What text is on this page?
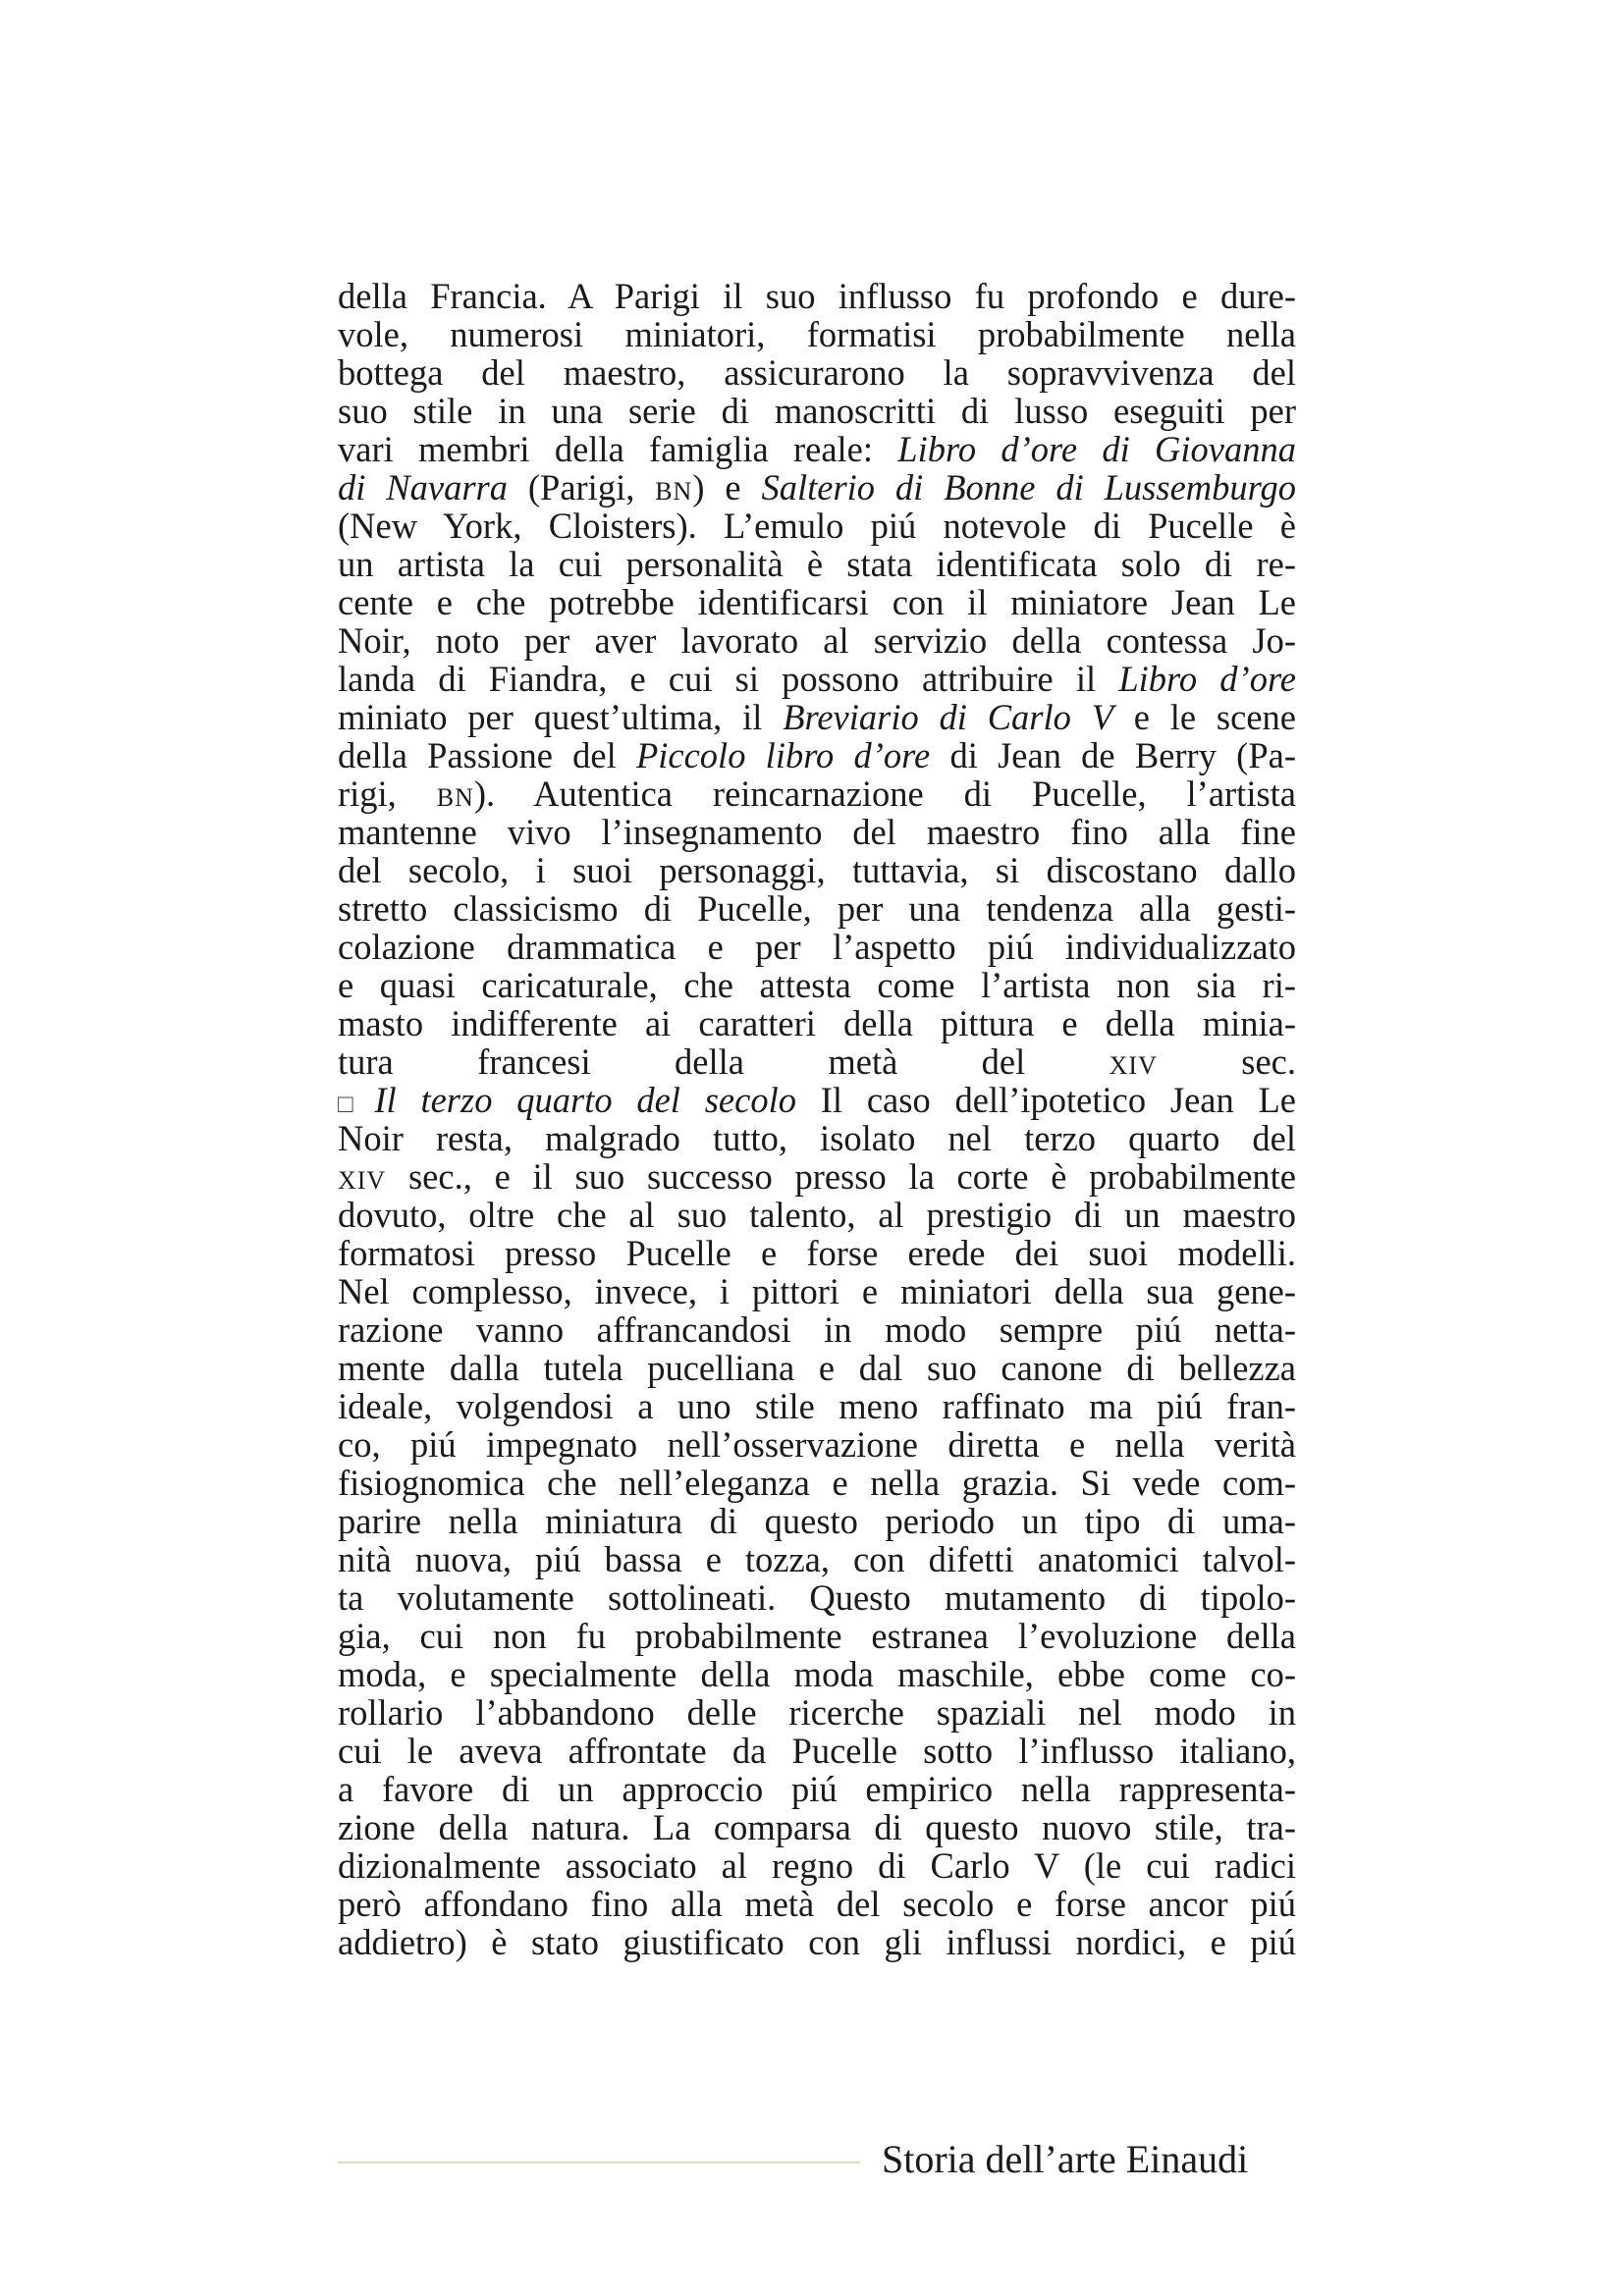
della Francia. A Parigi il suo influsso fu profondo e dure-
vole, numerosi miniatori, formatisi probabilmente nella
bottega del maestro, assicurarono la sopravvivenza del
suo stile in una serie di manoscritti di lusso eseguiti per
vari membri della famiglia reale: Libro d’ore di Giovanna
di Navarra (Parigi, bn) e Salterio di Bonne di Lussemburgo
(New York, Cloisters). L’emulo piú notevole di Pucelle è
un artista la cui personalità è stata identificata solo di re-
cente e che potrebbe identificarsi con il miniatore Jean Le
Noir, noto per aver lavorato al servizio della contessa Jo-
landa di Fiandra, e cui si possono attribuire il Libro d’ore
miniato per quest’ultima, il Breviario di Carlo V e le scene
della Passione del Piccolo libro d’ore di Jean de Berry (Pa-
rigi, bn). Autentica reincarnazione di Pucelle, l’artista
mantenne vivo l’insegnamento del maestro fino alla fine
del secolo, i suoi personaggi, tuttavia, si discostano dallo
stretto classicismo di Pucelle, per una tendenza alla gesti-
colazione drammatica e per l’aspetto piú individualizzato
e quasi caricaturale, che attesta come l’artista non sia ri-
masto indifferente ai caratteri della pittura e della minia-
tura francesi della metà del xiv sec.
□ Il terzo quarto del secolo Il caso dell’ipotetico Jean Le
Noir resta, malgrado tutto, isolato nel terzo quarto del
xiv sec., e il suo successo presso la corte è probabilmente
dovuto, oltre che al suo talento, al prestigio di un maestro
formatosi presso Pucelle e forse erede dei suoi modelli.
Nel complesso, invece, i pittori e miniatori della sua gene-
razione vanno affrancandosi in modo sempre piú netta-
mente dalla tutela pucelliana e dal suo canone di bellezza
ideale, volgendosi a uno stile meno raffinato ma piú fran-
co, piú impegnato nell’osservazione diretta e nella verità
fisiognomica che nell’eleganza e nella grazia. Si vede com-
parire nella miniatura di questo periodo un tipo di uma-
nità nuova, piú bassa e tozza, con difetti anatomici talvol-
ta volutamente sottolineati. Questo mutamento di tipolo-
gia, cui non fu probabilmente estranea l’evoluzione della
moda, e specialmente della moda maschile, ebbe come co-
rollario l’abbandono delle ricerche spaziali nel modo in
cui le aveva affrontate da Pucelle sotto l’influsso italiano,
a favore di un approccio piú empirico nella rappresenta-
zione della natura. La comparsa di questo nuovo stile, tra-
dizionalmente associato al regno di Carlo V (le cui radici
però affondano fino alla metà del secolo e forse ancor piú
addietro) è stato giustificato con gli influssi nordici, e piú
Storia dell’arte Einaudi
